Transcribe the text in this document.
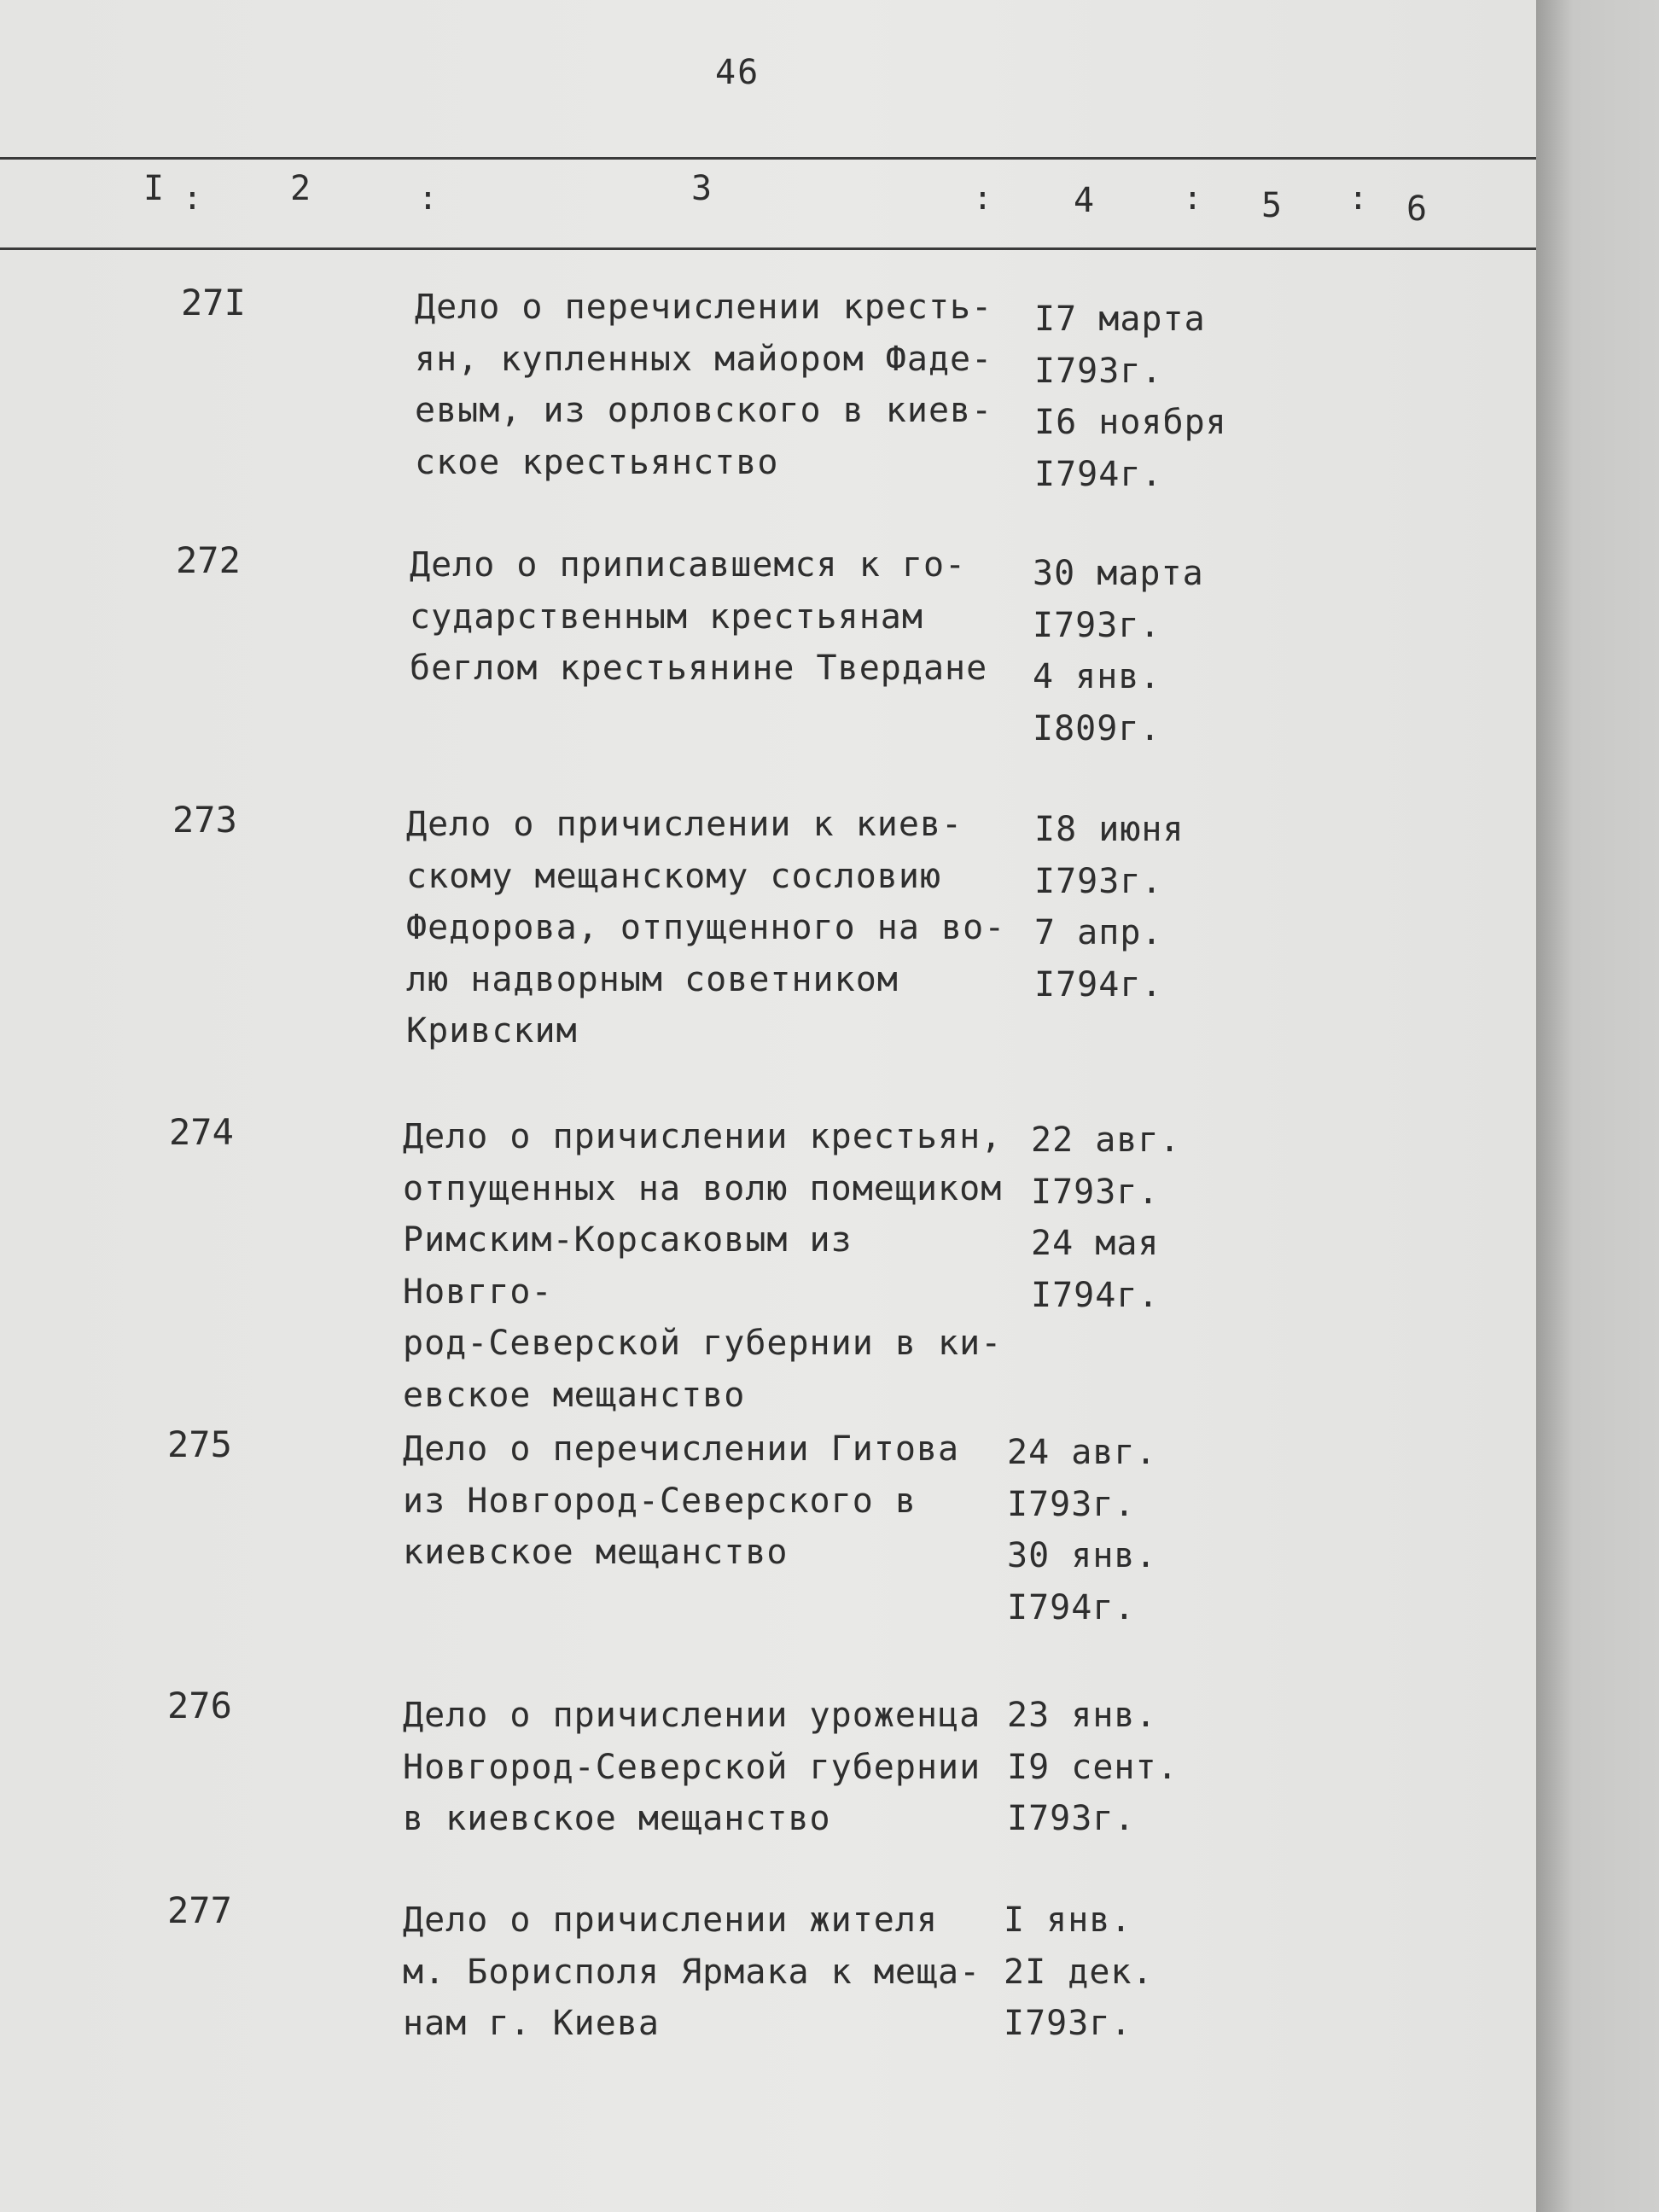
46
I :	2	:	3	: 4	: 5 : 6
27I	Дело о перечислении кресть-
ян, купленных майором Фаде-
евым, из орловского в киев-
ское крестьянство
I7 марта
I793г.
I6 ноября
I794г.
272	Дело о приписавшемся к го-
сударственным крестьянам
беглом крестьянине Твердане
30 марта
I793г.
4 янв.
I809г.
273	Дело о причислении к киев-
скому мещанскому сословию
Федорова, отпущенного на во-
лю надворным советником
Кривским
I8 июня
I793г.
7 апр.
I794г.
274	Дело о причислении крестьян,
отпущенных на волю помещиком
Римским-Корсаковым из Новгго-
род-Северской губернии в ки-
евское мещанство
22 авг.
I793г.
24 мая
I794г.
275	Дело о перечислении Гитова
из Новгород-Северского в
киевское мещанство
24 авг.
I793г.
30 янв.
I794г.
276	Дело о причислении уроженца
Новгород-Северской губернии
в киевское мещанство
23 янв.
I9 сент.
I793г.
277	Дело о причислении жителя
м. Борисполя Ярмака к меща-
нам г. Киева
I янв.
2I дек.
I793г.
